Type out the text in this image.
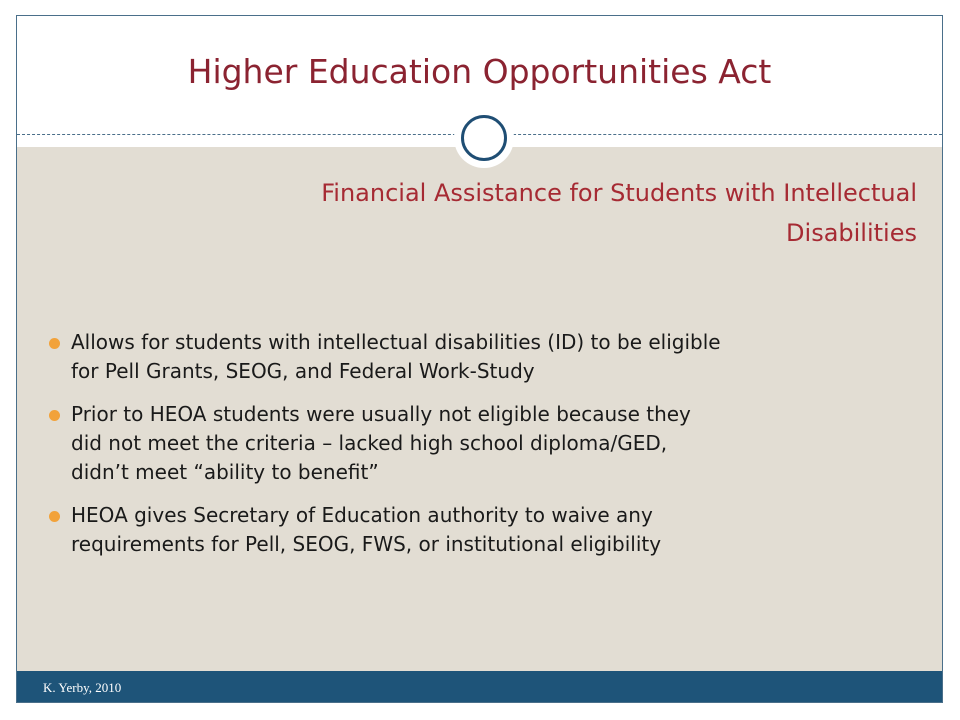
Higher Education Opportunities Act
Financial Assistance for Students with Intellectual
Disabilities
Allows for students with intellectual disabilities (ID) to be eligible
for Pell Grants, SEOG, and Federal Work-Study
Prior to HEOA students were usually not eligible because they
did not meet the criteria – lacked high school diploma/GED,
didn’t meet “ability to benefit”
HEOA gives Secretary of Education authority to waive any
requirements for Pell, SEOG, FWS, or institutional eligibility
K. Yerby, 2010
